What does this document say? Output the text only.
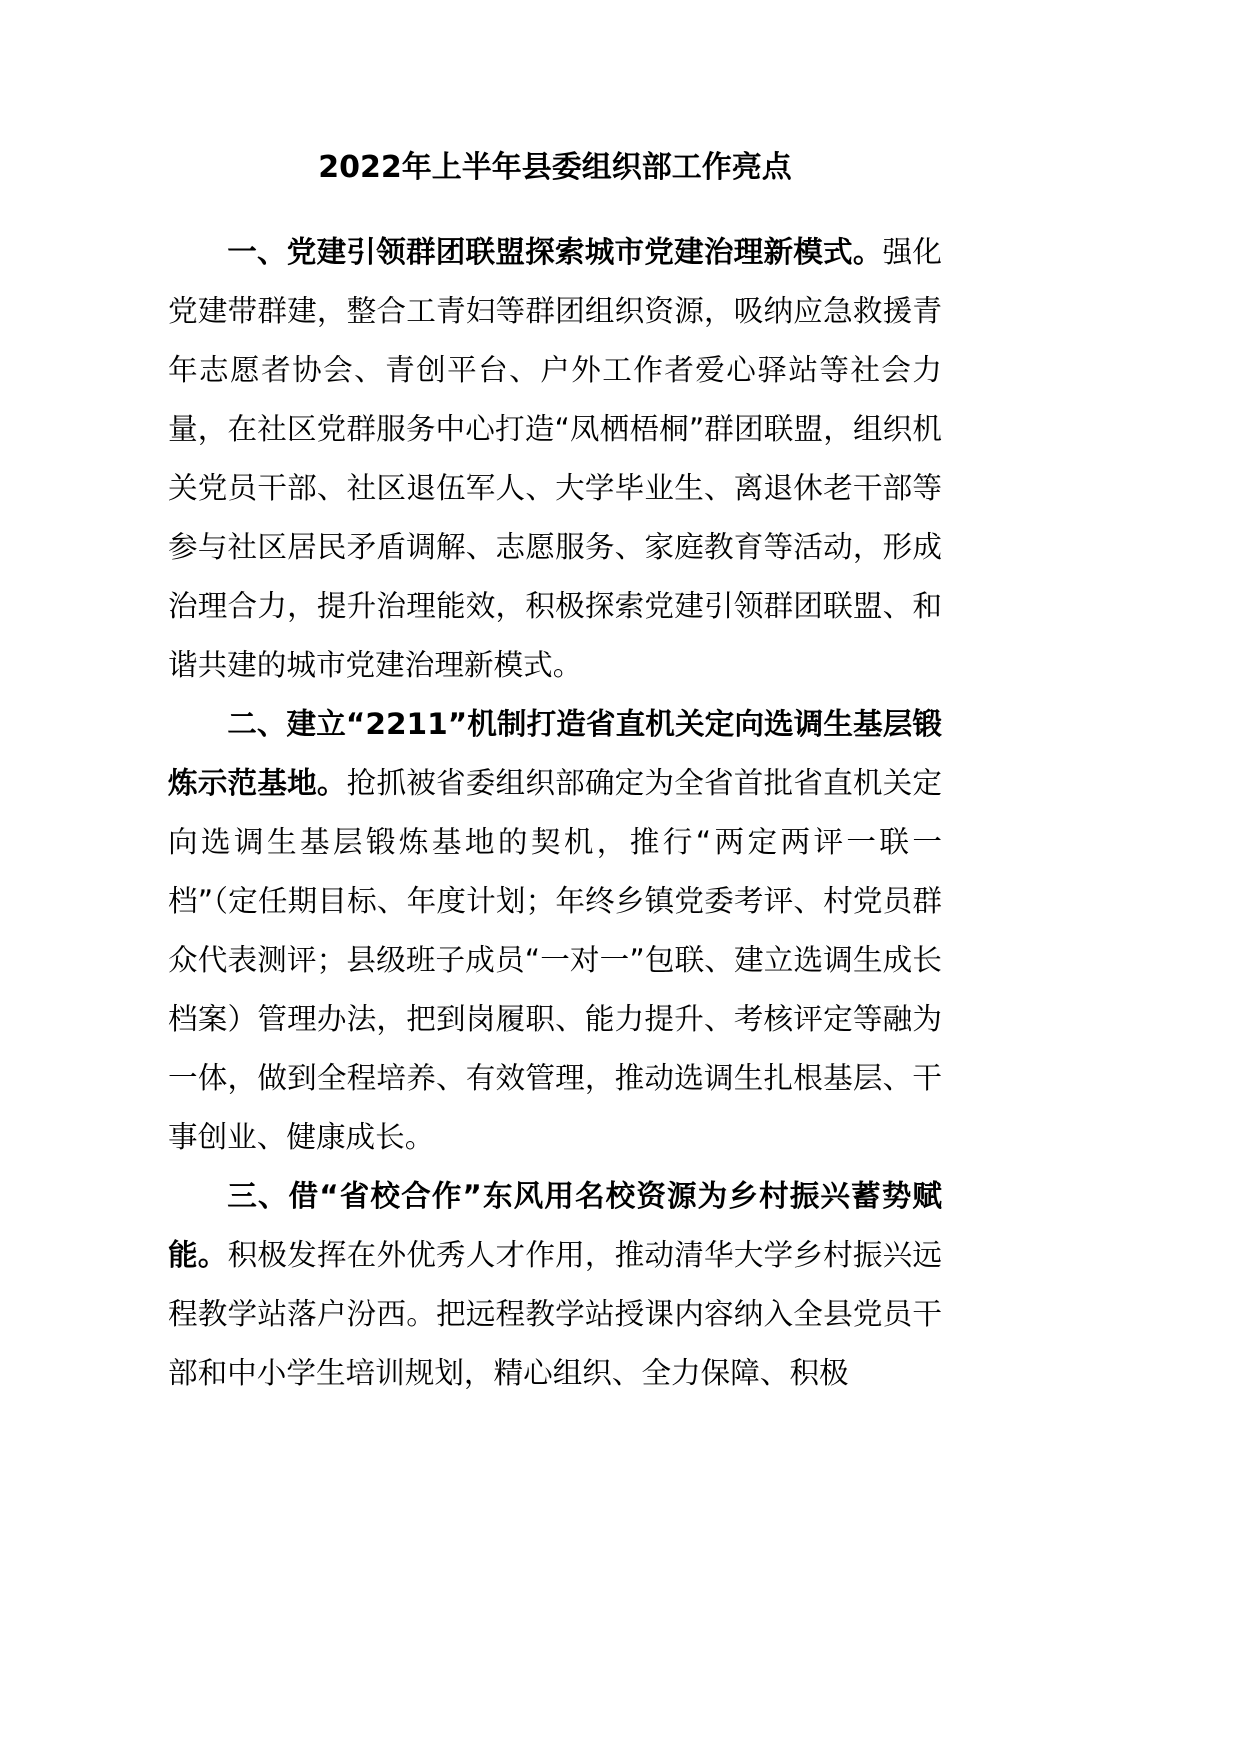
2022年上半年县委组织部工作亮点

一、党建引领群团联盟探索城市党建治理新模式。强化党建带群建，整合工青妇等群团组织资源，吸纳应急救援青年志愿者协会、青创平台、户外工作者爱心驿站等社会力量，在社区党群服务中心打造“凤栖梧桐”群团联盟，组织机关党员干部、社区退伍军人、大学毕业生、离退休老干部等参与社区居民矛盾调解、志愿服务、家庭教育等活动，形成治理合力，提升治理能效，积极探索党建引领群团联盟、和谐共建的城市党建治理新模式。

二、建立“2211”机制打造省直机关定向选调生基层锻炼示范基地。抢抓被省委组织部确定为全省首批省直机关定向选调生基层锻炼基地的契机，推行“两定两评一联一档”（定任期目标、年度计划；年终乡镇党委考评、村党员群众代表测评；县级班子成员“一对一”包联、建立选调生成长档案）管理办法，把到岗履职、能力提升、考核评定等融为一体，做到全程培养、有效管理，推动选调生扎根基层、干事创业、健康成长。

三、借“省校合作”东风用名校资源为乡村振兴蓄势赋能。积极发挥在外优秀人才作用，推动清华大学乡村振兴远程教学站落户汾西。把远程教学站授课内容纳入全县党员干部和中小学生培训规划，精心组织、全力保障、积极
